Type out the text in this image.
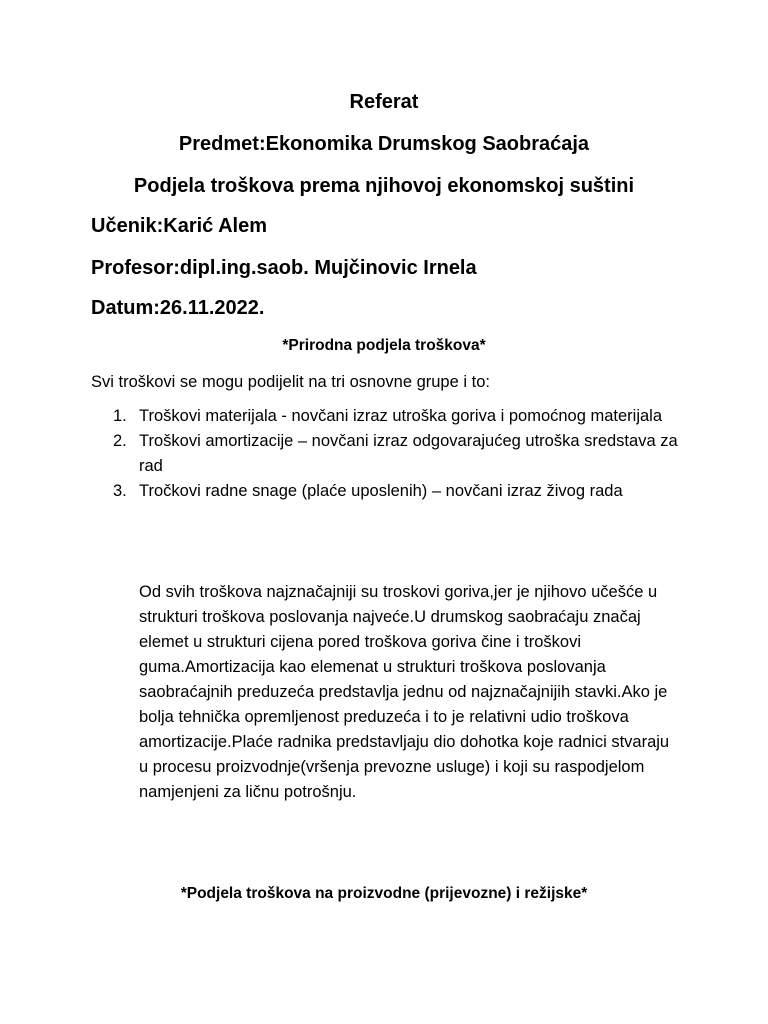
Referat
Predmet:Ekonomika Drumskog Saobraćaja
Podjela troškova prema njihovoj ekonomskoj suštini
Učenik:Karić Alem
Profesor:dipl.ing.saob. Mujčinovic Irnela
Datum:26.11.2022.
*Prirodna podjela troškova*
Svi troškovi se mogu podijelit na tri osnovne grupe i to:
1. Troškovi materijala - novčani izraz utroška goriva i pomoćnog materijala
2. Troškovi amortizacije – novčani izraz odgovarajućeg utroška sredstava za rad
3. Tročkovi radne snage (plaće uposlenih) – novčani izraz živog rada
Od svih troškova najznačajniji su troskovi goriva,jer je njihovo učešće u strukturi troškova poslovanja najveće.U drumskog saobraćaju značaj elemet u strukturi cijena pored troškova goriva čine i troškovi guma.Amortizacija kao elemenat u strukturi troškova poslovanja saobraćajnih preduzeća predstavlja jednu od najznačajnijih stavki.Ako je bolja tehnička opremljenost preduzeća i to je relativni udio troškova amortizacije.Plaće radnika predstavljaju dio dohotka koje radnici stvaraju u procesu proizvodnje(vršenja prevozne usluge) i koji su raspodjelom namjenjeni za ličnu potrošnju.
*Podjela troškova na proizvodne (prijevozne) i režijske*
